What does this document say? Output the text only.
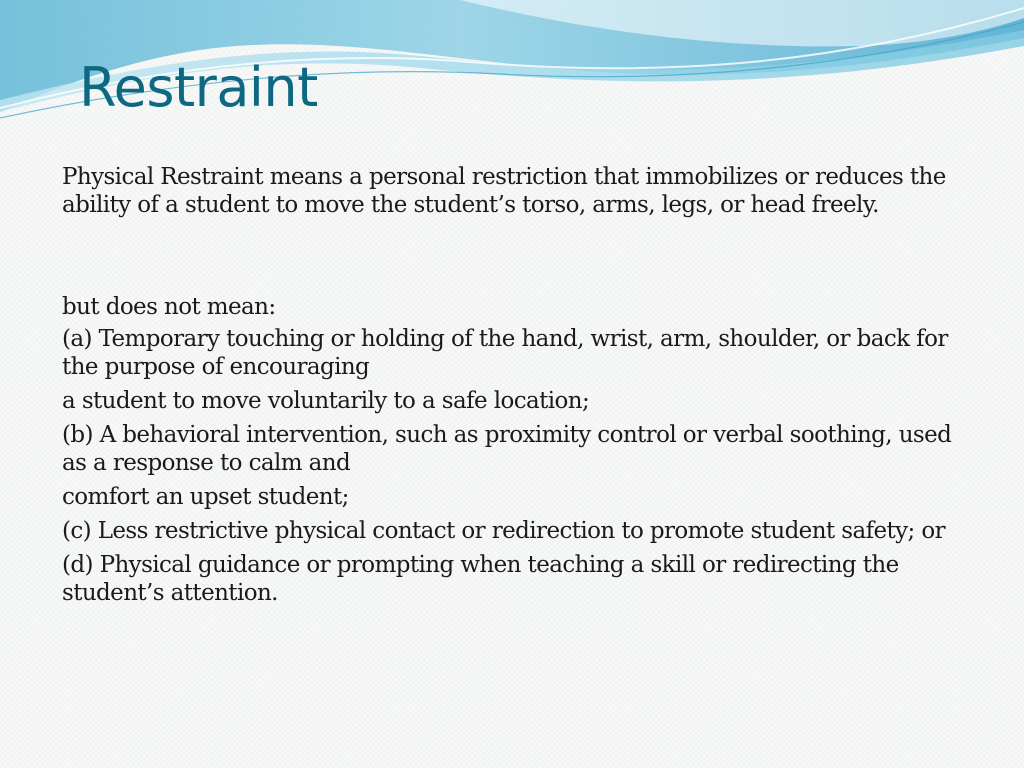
Restraint

Physical Restraint means a personal restriction that immobilizes or reduces the ability of a student to move the student’s torso, arms, legs, or head freely.

but does not mean:

(a) Temporary touching or holding of the hand, wrist, arm, shoulder, or back for the purpose of encouraging

a student to move voluntarily to a safe location;

(b) A behavioral intervention, such as proximity control or verbal soothing, used as a response to calm and

comfort an upset student;

(c) Less restrictive physical contact or redirection to promote student safety; or

(d) Physical guidance or prompting when teaching a skill or redirecting the student’s attention.
